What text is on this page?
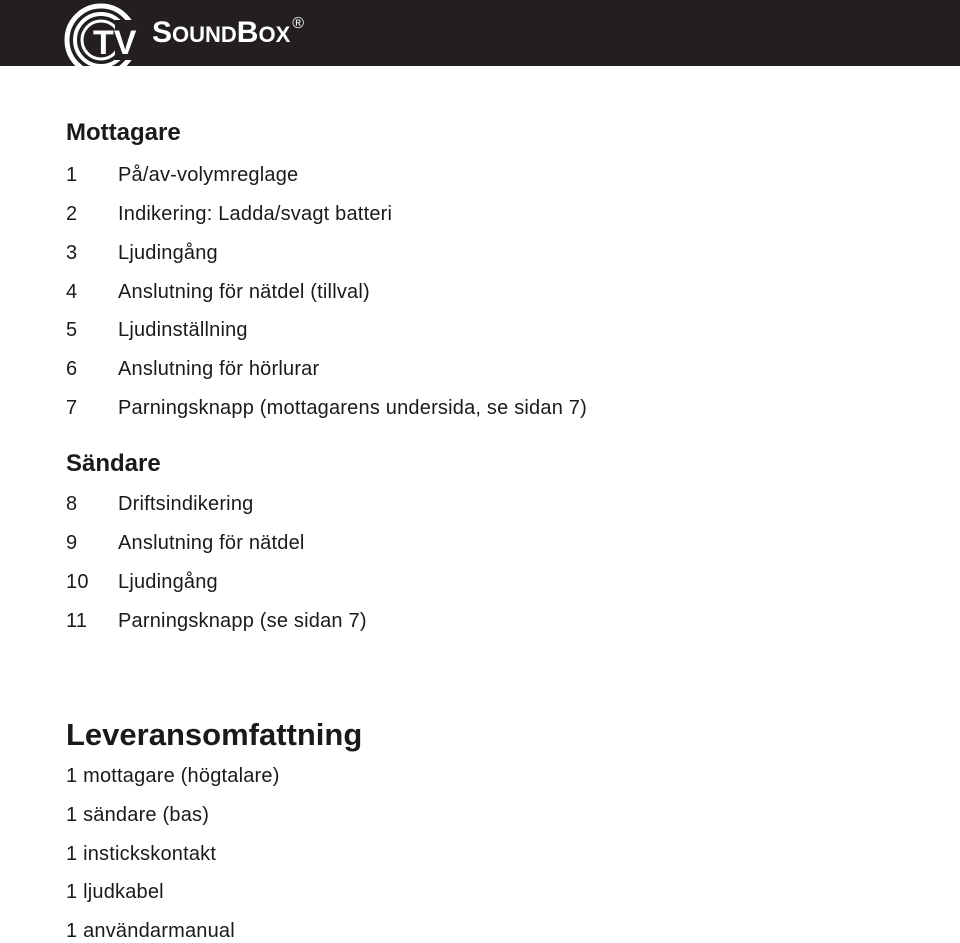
TV SOUNDBOX ®
Mottagare
1 På/av-volymreglage
2 Indikering: Ladda/svagt batteri
3 Ljudingång
4 Anslutning för nätdel (tillval)
5 Ljudinställning
6 Anslutning för hörlurar
7 Parningsknapp (mottagarens undersida, se sidan 7)
Sändare
8 Driftsindikering
9 Anslutning för nätdel
10 Ljudingång
11 Parningsknapp (se sidan 7)
Leveransomfattning
1 mottagare (högtalare)
1 sändare (bas)
1 instickskontakt
1 ljudkabel
1 användarmanual
